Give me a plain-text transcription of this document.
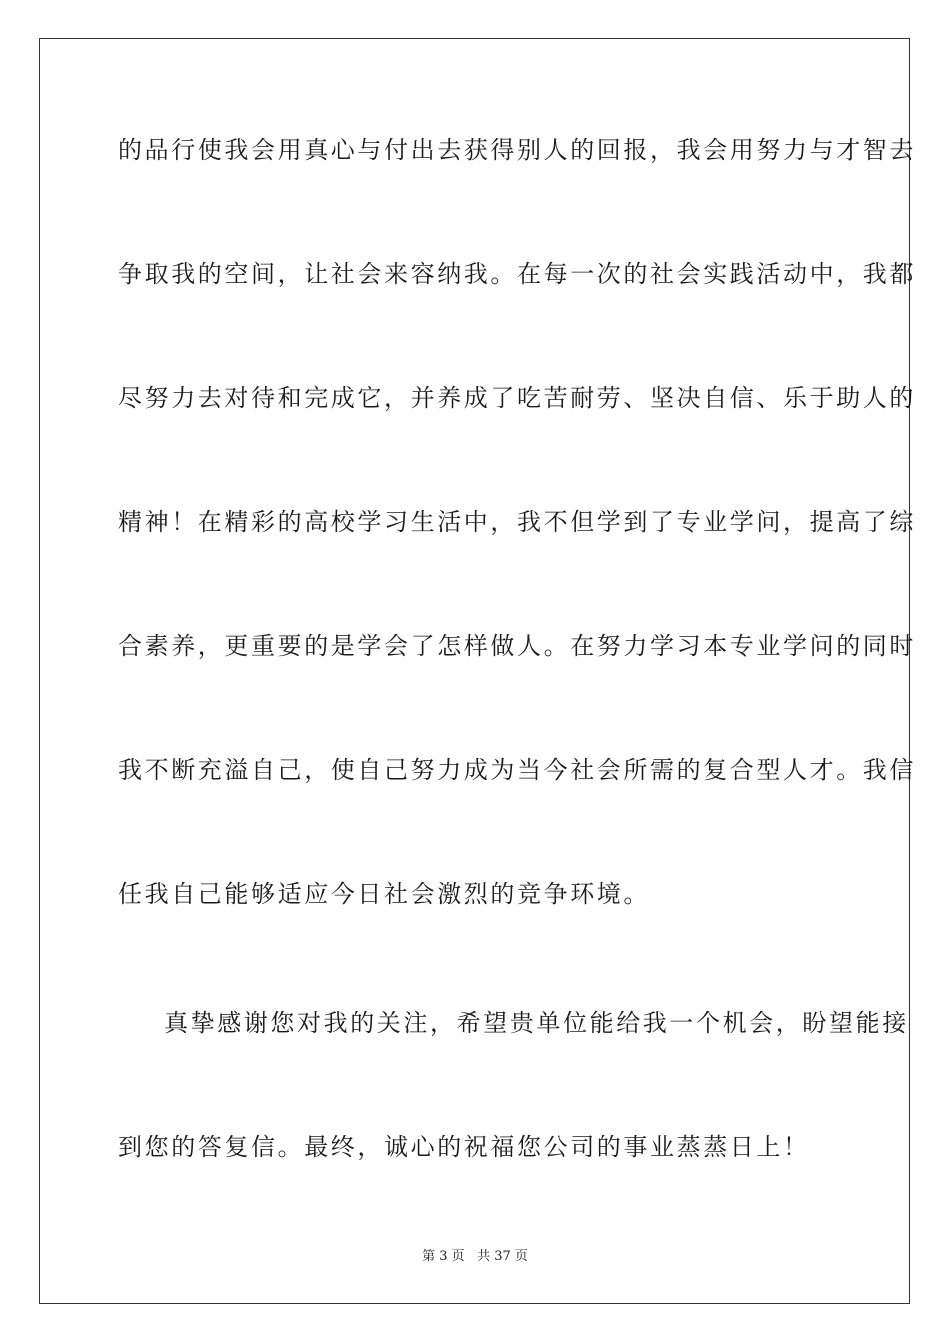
的品行使我会用真心与付出去获得别人的回报，我会用努力与才智去
争取我的空间，让社会来容纳我。在每一次的社会实践活动中，我都
尽努力去对待和完成它，并养成了吃苦耐劳、坚决自信、乐于助人的
精神！在精彩的高校学习生活中，我不但学到了专业学问，提高了综
合素养，更重要的是学会了怎样做人。在努力学习本专业学问的同时
我不断充溢自己，使自己努力成为当今社会所需的复合型人才。我信
任我自己能够适应今日社会激烈的竞争环境。
真挚感谢您对我的关注，希望贵单位能给我一个机会，盼望能接
到您的答复信。最终，诚心的祝福您公司的事业蒸蒸日上！
第 3 页 共 37 页
